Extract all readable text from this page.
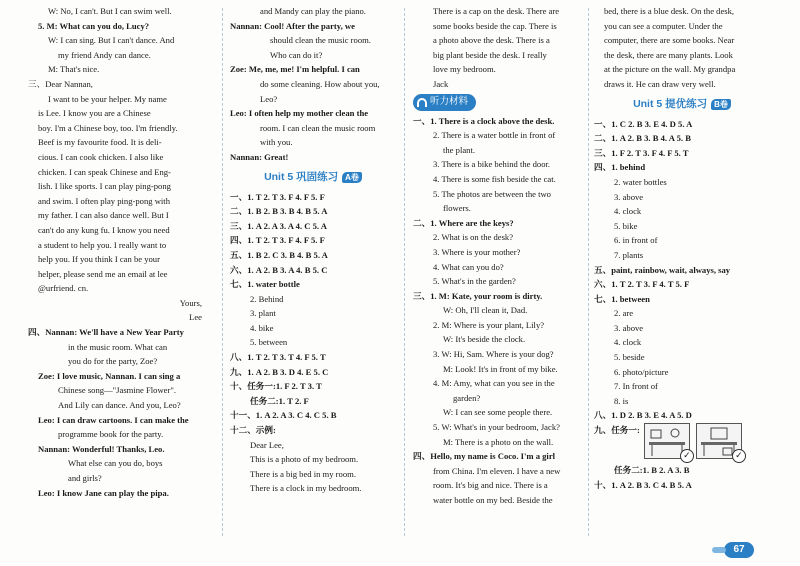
W: No, I can't. But I can swim well.
5. M: What can you do, Lucy?
W: I can sing. But I can't dance. And
my friend Andy can dance.
M: That's nice.
三、Dear Nannan,
I want to be your helper. My name
is Lee. I know you are a Chinese
boy. I'm a Chinese boy, too. I'm friendly.
Beef is my favourite food. It is deli-
cious. I can cook chicken. I also like
chicken. I can speak Chinese and Eng-
lish. I like sports. I can play ping-pong
and swim. I often play ping-pong with
my father. I can also dance well. But I
can't do any kung fu. I know you need
a student to help you. I really want to
help you. If you think I can be your
helper, please send me an email at lee
@urfriend. cn.
Yours,
Lee
四、Nannan: We'll have a New Year Party
in the music room. What can
you do for the party, Zoe?
Zoe: I love music, Nannan. I can sing a
Chinese song—"Jasmine Flower".
And Lily can dance. And you, Leo?
Leo: I can draw cartoons. I can make the
programme book for the party.
Nannan: Wonderful! Thanks, Leo.
What else can you do, boys
and girls?
Leo: I know Jane can play the pipa.
and Mandy can play the piano.
Nannan: Cool! After the party, we
should clean the music room.
Who can do it?
Zoe: Me, me, me! I'm helpful. I can
do some cleaning. How about you,
Leo?
Leo: I often help my mother clean the
room. I can clean the music room
with you.
Nannan: Great!
Unit 5 巩固练习 A卷
一、1. T 2. T 3. F 4. F 5. F
二、1. B 2. B 3. B 4. B 5. A
三、1. A 2. A 3. A 4. C 5. A
四、1. T 2. T 3. F 4. F 5. F
五、1. B 2. C 3. B 4. B 5. A
六、1. A 2. B 3. A 4. B 5. C
七、1. water bottle
2. Behind
3. plant
4. bike
5. between
八、1. T 2. T 3. T 4. F 5. T
九、1. A 2. B 3. D 4. E 5. C
十、任务一:1. F 2. T 3. T
任务二:1. T 2. F
十一、1. A 2. A 3. C 4. C 5. B
十二、示例:
Dear Lee,
This is a photo of my bedroom.
There is a big bed in my room.
There is a clock in my bedroom.
There is a cap on the desk. There are
some books beside the cap. There is
a photo above the desk. There is a
big plant beside the desk. I really
love my bedroom.
Jack
听力材料
一、1. There is a clock above the desk.
2. There is a water bottle in front of
the plant.
3. There is a bike behind the door.
4. There is some fish beside the cat.
5. The photos are between the two
flowers.
二、1. Where are the keys?
2. What is on the desk?
3. Where is your mother?
4. What can you do?
5. What's in the garden?
三、1. M: Kate, your room is dirty.
W: Oh, I'll clean it, Dad.
2. M: Where is your plant, Lily?
W: It's beside the clock.
3. W: Hi, Sam. Where is your dog?
M: Look! It's in front of my bike.
4. M: Amy, what can you see in the
garden?
W: I can see some people there.
5. W: What's in your bedroom, Jack?
M: There is a photo on the wall.
四、Hello, my name is Coco. I'm a girl
from China. I'm eleven. I have a new
room. It's big and nice. There is a
water bottle on my bed. Beside the
bed, there is a blue desk. On the desk,
you can see a computer. Under the
computer, there are some books. Near
the desk, there are many plants. Look
at the picture on the wall. My grandpa
draws it. He can draw very well.
Unit 5 提优练习 B卷
一、1. C 2. B 3. E 4. D 5. A
二、1. A 2. B 3. B 4. A 5. B
三、1. F 2. T 3. F 4. F 5. T
四、1. behind
2. water bottles
3. above
4. clock
5. bike
6. in front of
7. plants
五、paint, rainbow, wait, always, say
六、1. T 2. T 3. F 4. T 5. F
七、1. between
2. are
3. above
4. clock
5. beside
6. photo/picture
7. In front of
8. is
八、1. D 2. B 3. E 4. A 5. D
九、任务一:
✓	✓
任务二:1. B 2. A 3. B
十、1. A 2. B 3. C 4. B 5. A
67
